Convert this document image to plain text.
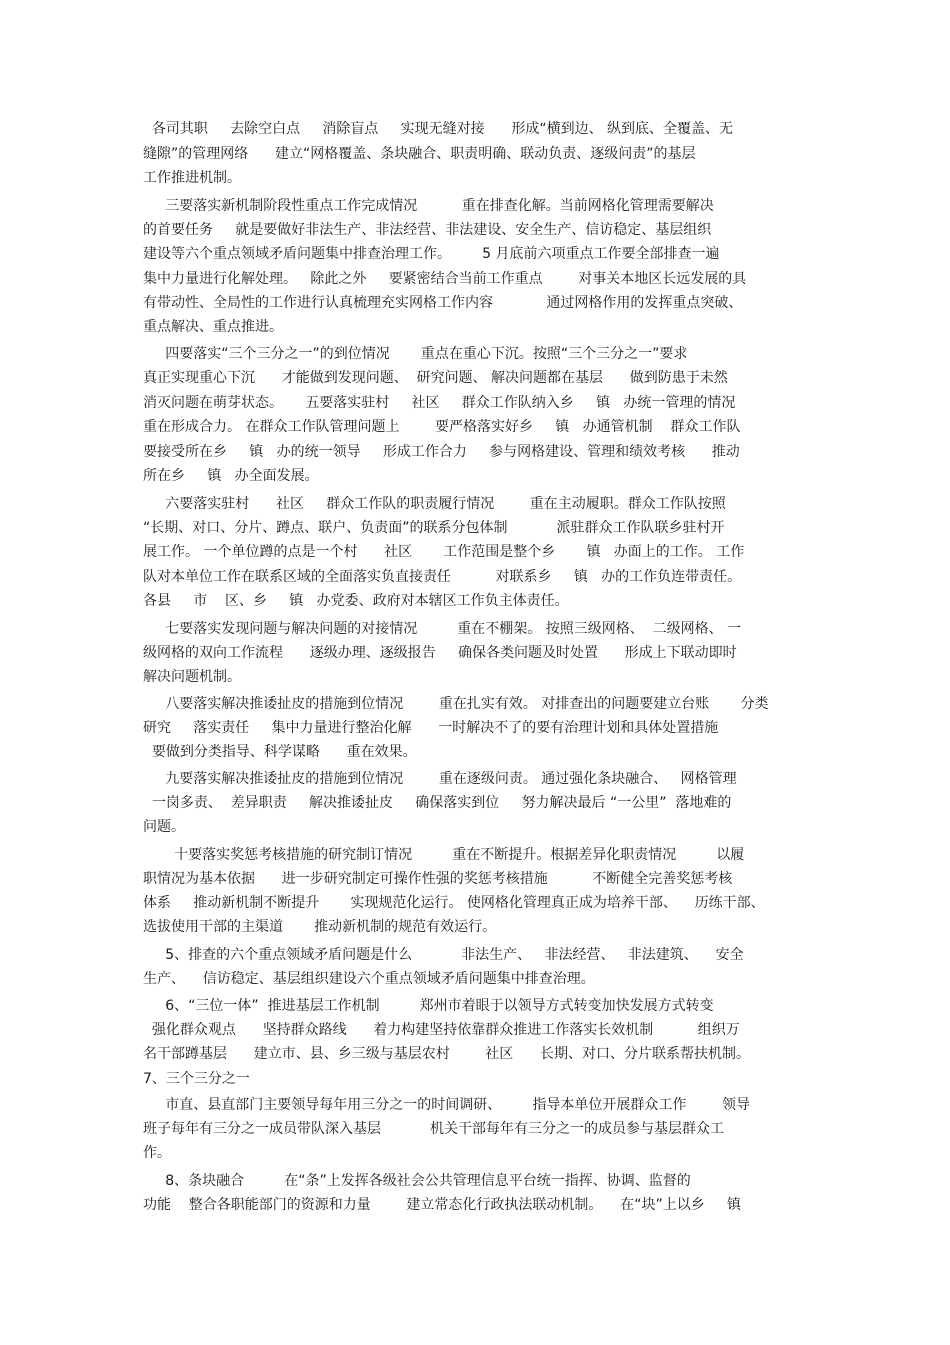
各司其职     去除空白点     消除盲点     实现无缝对接      形成“横到边、 纵到底、全覆盖、无
缝隙”的管理网络      建立“网格覆盖、条块融合、职责明确、联动负责、逐级问责”的基层
工作推进机制。
三要落实新机制阶段性重点工作完成情况          重在排查化解。当前网格化管理需要解决
的首要任务     就是要做好非法生产、非法经营、非法建设、安全生产、信访稳定、基层组织
建设等六个重点领域矛盾问题集中排查治理工作。       5 月底前六项重点工作要全部排查一遍
集中力量进行化解处理。   除此之外     要紧密结合当前工作重点        对事关本地区长远发展的具
有带动性、全局性的工作进行认真梳理充实网格工作内容            通过网格作用的发挥重点突破、
重点解决、重点推进。
四要落实“三个三分之一”的到位情况       重点在重心下沉。按照“三个三分之一”要求
真正实现重心下沉      才能做到发现问题、  研究问题、 解决问题都在基层      做到防患于未然
消灭问题在萌芽状态。     五要落实驻村     社区     群众工作队纳入乡     镇   办统一管理的情况
重在形成合力。 在群众工作队管理问题上        要严格落实好乡     镇   办通管机制    群众工作队
要接受所在乡     镇   办的统一领导     形成工作合力     参与网格建设、管理和绩效考核      推动
所在乡     镇   办全面发展。
六要落实驻村      社区     群众工作队的职责履行情况        重在主动履职。群众工作队按照
“长期、对口、分片、蹲点、联户、负责面”的联系分包体制           派驻群众工作队联乡驻村开
展工作。 一个单位蹲的点是一个村      社区       工作范围是整个乡       镇   办面上的工作。 工作
队对本单位工作在联系区域的全面落实负直接责任          对联系乡     镇   办的工作负连带责任。
各县     市    区、乡     镇   办党委、政府对本辖区工作负主体责任。
七要落实发现问题与解决问题的对接情况         重在不棚架。 按照三级网格、  二级网格、 一
级网格的双向工作流程      逐级办理、逐级报告     确保各类问题及时处置      形成上下联动即时
解决问题机制。
八要落实解决推诿扯皮的措施到位情况        重在扎实有效。 对排查出的问题要建立台账       分类
研究     落实责任     集中力量进行整治化解      一时解决不了的要有治理计划和具体处置措施
要做到分类指导、科学谋略      重在效果。
九要落实解决推诿扯皮的措施到位情况        重在逐级问责。 通过强化条块融合、   网格管理
一岗多责、  差异职责     解决推诿扯皮     确保落实到位     努力解决最后 “一公里”  落地难的
问题。
十要落实奖惩考核措施的研究制订情况         重在不断提升。根据差异化职责情况         以履
职情况为基本依据      进一步研究制定可操作性强的奖惩考核措施          不断健全完善奖惩考核
体系     推动新机制不断提升       实现规范化运行。 使网格化管理真正成为培养干部、    历练干部、
选拔使用干部的主渠道       推动新机制的规范有效运行。
5、排查的六个重点领域矛盾问题是什么           非法生产、   非法经营、   非法建筑、    安全
生产、    信访稳定、基层组织建设六个重点领域矛盾问题集中排查治理。
6、“三位一体”  推进基层工作机制         郑州市着眼于以领导方式转变加快发展方式转变
强化群众观点      坚持群众路线      着力构建坚持依靠群众推进工作落实长效机制          组织万
名干部蹲基层      建立市、县、乡三级与基层农村        社区      长期、对口、分片联系帮扶机制。
7、三个三分之一
市直、县直部门主要领导每年用三分之一的时间调研、       指导本单位开展群众工作        领导
班子每年有三分之一成员带队深入基层           机关干部每年有三分之一的成员参与基层群众工
作。
8、条块融合         在“条”上发挥各级社会公共管理信息平台统一指挥、协调、监督的
功能    整合各职能部门的资源和力量        建立常态化行政执法联动机制。    在“块”上以乡     镇
